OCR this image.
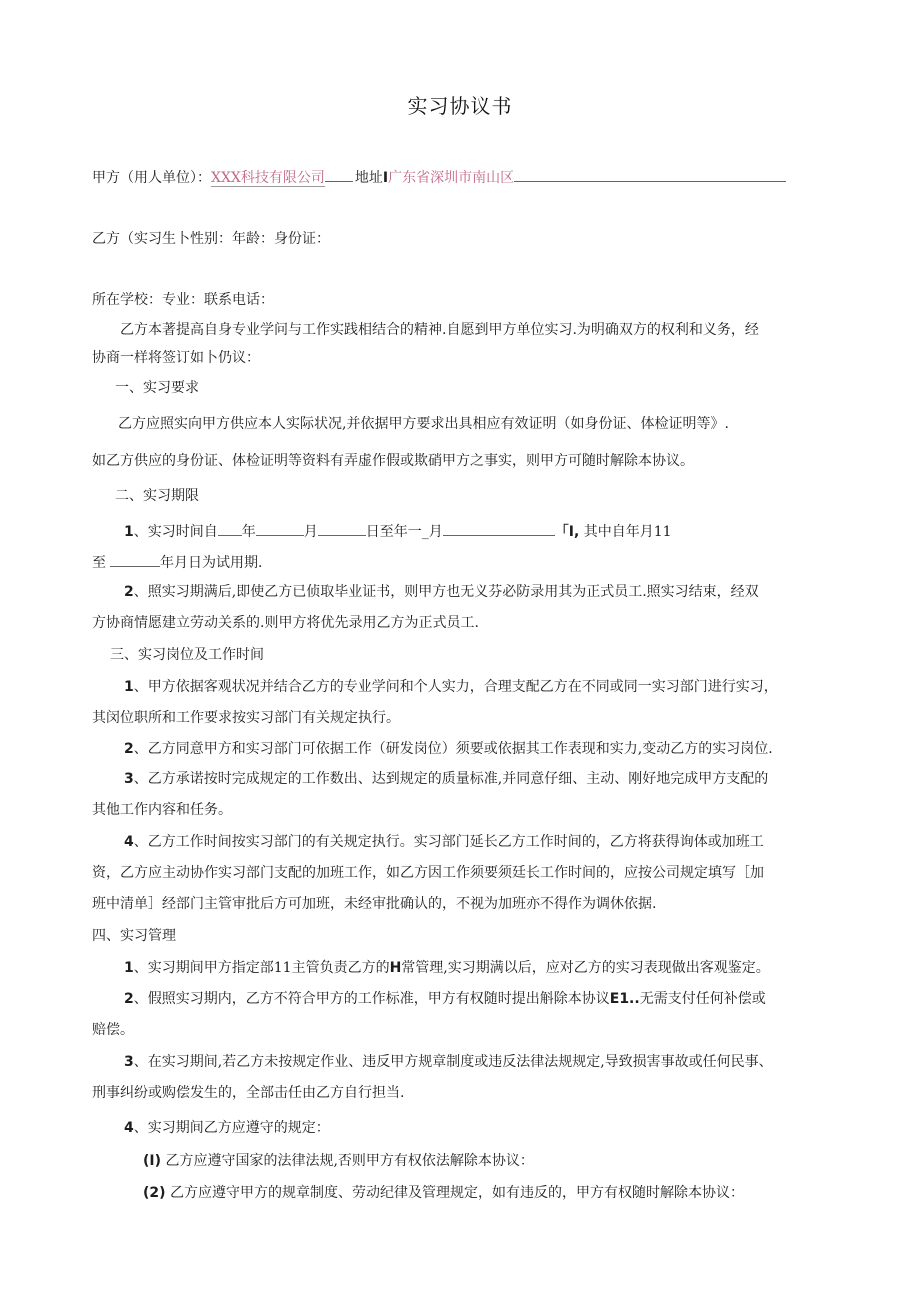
实习协议书
甲方（用人单位）：XXX科技有限公司 地址I广东省深圳市南山区
乙方（实习生卜性别：年龄：身份证：
所在学校：专业：联系电话：
乙方本著提高自身专业学问与工作实践相结合的精神.自愿到甲方单位实习.为明确双方的权利和义务，经
协商一样将签订如卜仍议：
一、实习要求
乙方应照实向甲方供应本人实际状况,并依据甲方要求出具相应有效证明（如身份证、体检证明等》.
如乙方供应的身份证、体检证明等资料有弄虚作假或欺硝甲方之事实，则甲方可随时解除本协议。
二、实习期限
1、实习时间自 年	月	日至年一_月	「I, 其中自年月11
至	年月日为试用期.
2、照实习期满后,即使乙方已侦取毕业证书，则甲方也无义芬必防录用其为正式员工.照实习结束，经双
方协商情愿建立劳动关系的.则甲方将优先录用乙方为正式员工.
三、实习岗位及工作时间
1、甲方依据客观状况并结合乙方的专业学问和个人实力，合理支配乙方在不同或同一实习部门进行实习，
其闵位职所和工作要求按实习部门有关规定执行。
2、乙方同意甲方和实习部门可依据工作（研发岗位）须要或依据其工作表现和实力,变动乙方的实习岗位.
3、乙方承诺按时完成规定的工作数出、达到规定的质量标准,并同意仔细、主动、刚好地完成甲方支配的
其他工作内容和任务。
4、乙方工作时间按实习部门的有关规定执行。实习部门延长乙方工作时间的，乙方将获得询体或加班工
资，乙方应主动协作实习部门支配的加班工作，如乙方因工作须要须廷长工作时间的，应按公司规定填写［加
班中清单］经部门主管审批后方可加班，未经审批确认的，不视为加班亦不得作为调休依据.
四、实习管理
1、实习期间甲方指定部11主管负责乙方的H常管理,实习期满以后，应对乙方的实习表现做出客观鉴定。
2、假照实习期内，乙方不符合甲方的工作标准，甲方有权随时提出斛除本协议E1..无需支付任何补偿或
赔偿。
3、在实习期间,若乙方未按规定作业、违反甲方规章制度或违反法律法规规定,导致损害事故或任何民事、
刑事纠纷或购偿发生的，全部击任由乙方自行担当.
4、实习期间乙方应遵守的规定：
(I) 乙方应遵守国家的法律法规,否则甲方有权依法解除本协议：
(2) 乙方应遵守甲方的规章制度、劳动纪律及管理规定，如有违反的，甲方有权随时解除本协议：
